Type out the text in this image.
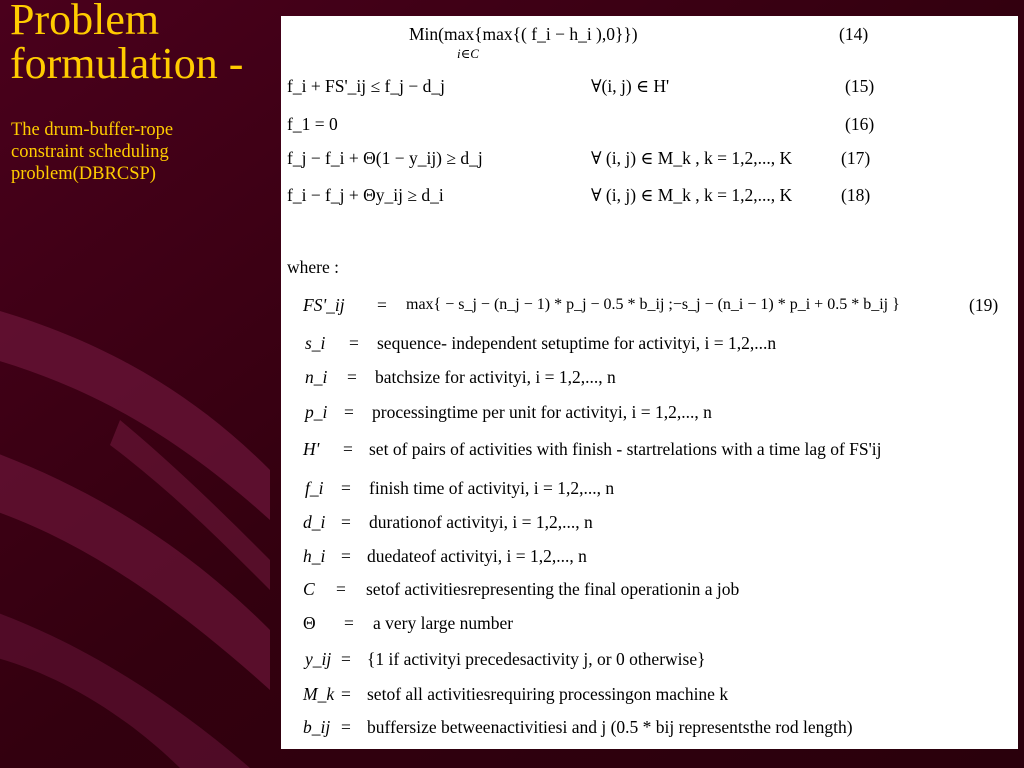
Problem
formulation -
The drum-buffer-rope
constraint scheduling
problem(DBRCSP)
Min(max{max{( f_i − h_i ),0}})
i∈C
(14)
f_i + FS'_ij ≤ f_j − d_j	∀(i, j) ∈ H'	(15)
f_1 = 0	(16)
f_j − f_i + Θ(1 − y_ij) ≥ d_j	∀ (i, j) ∈ M_k , k = 1,2,..., K	(17)
f_i − f_j + Θy_ij ≥ d_i	∀ (i, j) ∈ M_k , k = 1,2,..., K	(18)
where :
FS'_ij = max{ − s_j − (n_j − 1) * p_j − 0.5 * b_ij ;−s_j − (n_i − 1) * p_i + 0.5 * b_ij }	(19)
s_i = sequence- independent setuptime for activityi, i = 1,2,...n
n_i = batchsize for activityi, i = 1,2,..., n
p_i = processingtime per unit for activityi, i = 1,2,..., n
H' = set of pairs of activities with finish - startrelations with a time lag of FS'ij
f_i = finish time of activityi, i = 1,2,..., n
d_i = durationof activityi, i = 1,2,..., n
h_i = duedateof activityi, i = 1,2,..., n
C = setof activitiesrepresenting the final operationin a job
Θ = a very large number
y_ij = {1 if activityi precedesactivity j, or 0 otherwise}
M_k = setof all activitiesrequiring processingon machine k
b_ij = buffersize betweenactivitiesi and j (0.5 * bij representsthe rod length)
